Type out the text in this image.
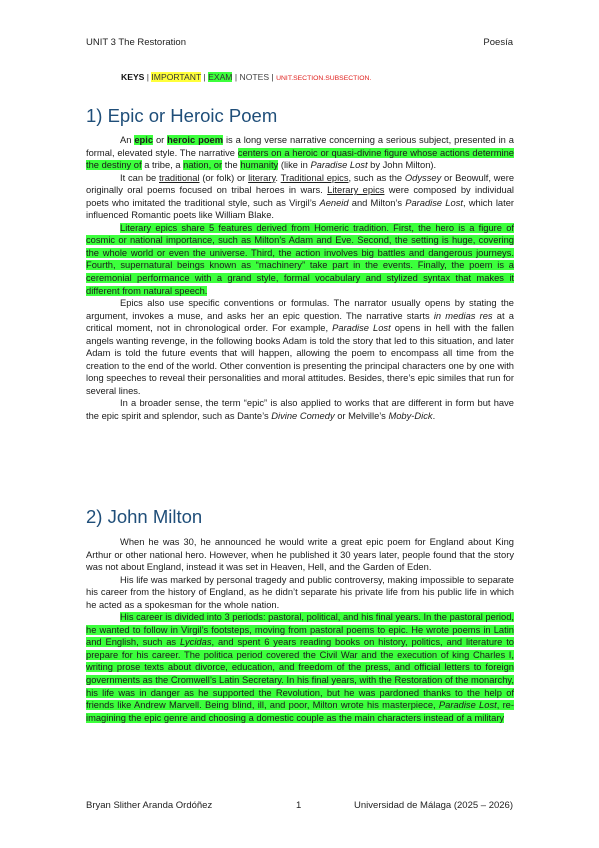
UNIT 3 The Restoration	Poesía
KEYS | IMPORTANT | EXAM | NOTES | UNIT.SECTION.SUBSECTION.
1) Epic or Heroic Poem

An epic or heroic poem is a long verse narrative concerning a serious subject, presented in a formal, elevated style. The narrative centers on a heroic or quasi-divine figure whose actions determine the destiny of a tribe, a nation, or the humanity (like in Paradise Lost by John Milton).

It can be traditional (or folk) or literary. Traditional epics, such as the Odyssey or Beowulf, were originally oral poems focused on tribal heroes in wars. Literary epics were composed by individual poets who imitated the traditional style, such as Virgil’s Aeneid and Milton’s Paradise Lost, which later influenced Romantic poets like William Blake.

Literary epics share 5 features derived from Homeric tradition. First, the hero is a figure of cosmic or national importance, such as Milton’s Adam and Eve. Second, the setting is huge, covering the whole world or even the universe. Third, the action involves big battles and dangerous journeys. Fourth, supernatural beings known as “machinery” take part in the events. Finally, the poem is a ceremonial performance with a grand style, formal vocabulary and stylized syntax that makes it different from natural speech.

Epics also use specific conventions or formulas. The narrator usually opens by stating the argument, invokes a muse, and asks her an epic question. The narrative starts in medias res at a critical moment, not in chronological order. For example, Paradise Lost opens in hell with the fallen angels wanting revenge, in the following books Adam is told the story that led to this situation, and later Adam is told the future events that will happen, allowing the poem to encompass all time from the creation to the end of the world. Other convention is presenting the principal characters one by one with long speeches to reveal their personalities and moral attitudes. Besides, there’s epic similes that run for several lines.

In a broader sense, the term “epic” is also applied to works that are different in form but have the epic spirit and splendor, such as Dante’s Divine Comedy or Melville’s Moby-Dick.

2) John Milton

When he was 30, he announced he would write a great epic poem for England about King Arthur or other national hero. However, when he published it 30 years later, people found that the story was not about England, instead it was set in Heaven, Hell, and the Garden of Eden.

His life was marked by personal tragedy and public controversy, making impossible to separate his career from the history of England, as he didn’t separate his private life from his public life in which he acted as a spokesman for the whole nation.

His career is divided into 3 periods: pastoral, political, and his final years. In the pastoral period, he wanted to follow in Virgil’s footsteps, moving from pastoral poems to epic. He wrote poems in Latin and English, such as Lycidas, and spent 6 years reading books on history, politics, and literature to prepare for his career. The politica period covered the Civil War and the execution of king Charles I, writing prose texts about divorce, education, and freedom of the press, and official letters to foreign governments as the Cromwell’s Latin Secretary. In his final years, with the Restoration of the monarchy, his life was in danger as he supported the Revolution, but he was pardoned thanks to the help of friends like Andrew Marvell. Being blind, ill, and poor, Milton wrote his masterpiece, Paradise Lost, re-imagining the epic genre and choosing a domestic couple as the main characters instead of a military

Bryan Slither Aranda Ordóñez	1	Universidad de Málaga (2025 – 2026)
